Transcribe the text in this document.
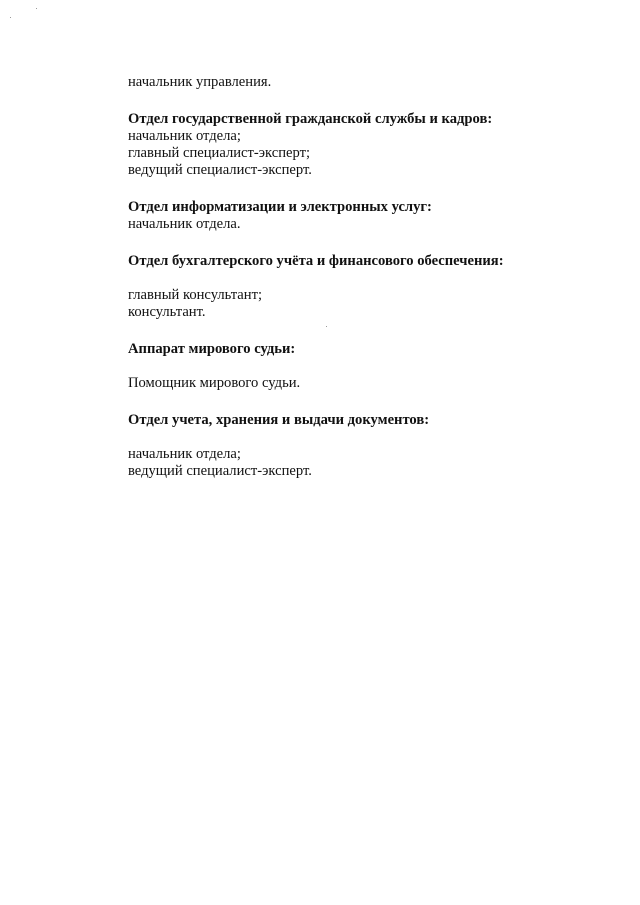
начальник управления.
Отдел государственной гражданской службы и кадров:
начальник отдела;
главный специалист-эксперт;
ведущий специалист-эксперт.
Отдел информатизации и электронных услуг:
начальник отдела.
Отдел бухгалтерского учёта и финансового обеспечения:
главный консультант;
консультант.
Аппарат мирового судьи:
Помощник мирового судьи.
Отдел учета, хранения и выдачи документов:
начальник отдела;
ведущий специалист-эксперт.
